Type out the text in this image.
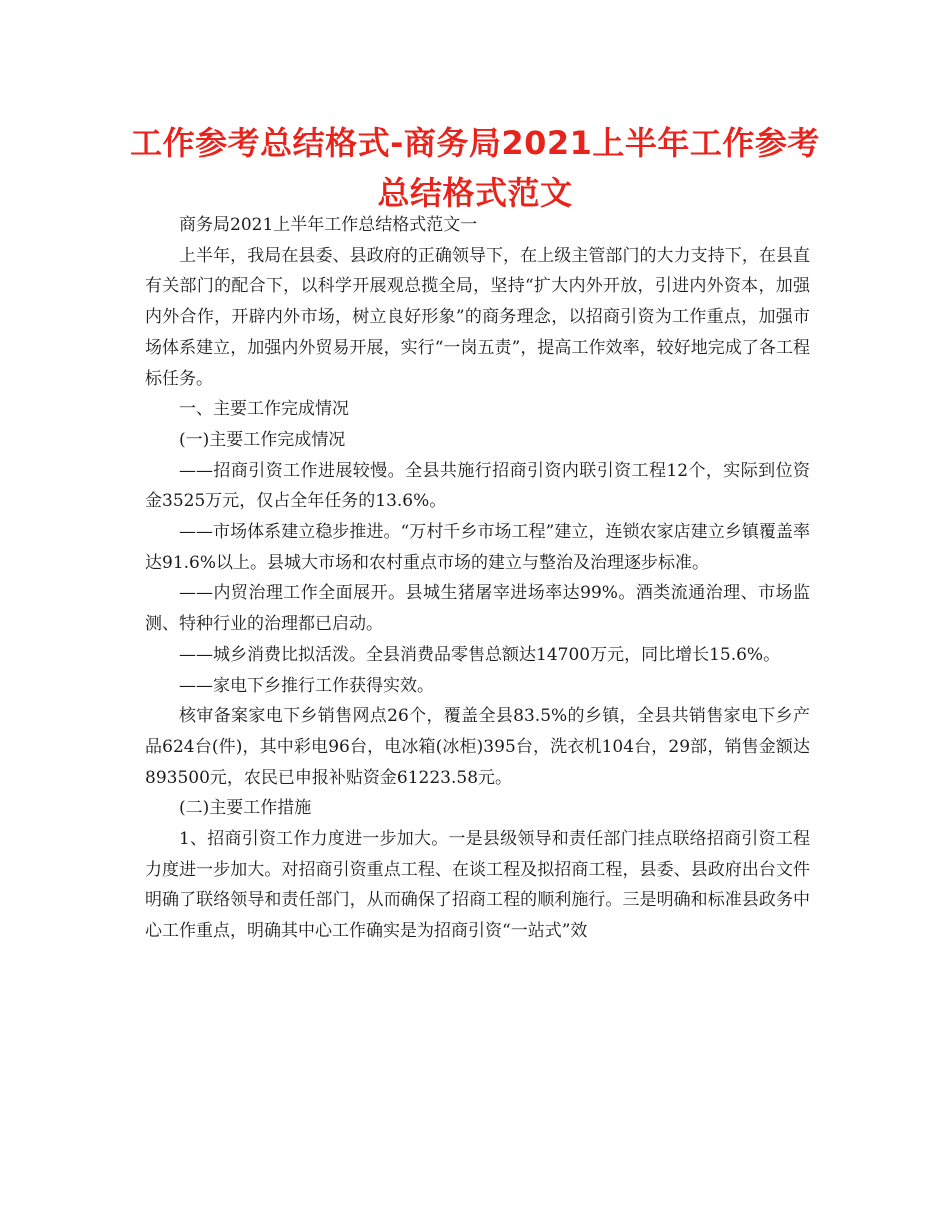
工作参考总结格式-商务局2021上半年工作参考总结格式范文

商务局2021上半年工作总结格式范文一

上半年，我局在县委、县政府的正确领导下，在上级主管部门的大力支持下，在县直有关部门的配合下，以科学开展观总揽全局，坚持“扩大内外开放，引进内外资本，加强内外合作，开辟内外市场，树立良好形象”的商务理念，以招商引资为工作重点，加强市场体系建立，加强内外贸易开展，实行“一岗五责”，提高工作效率，较好地完成了各工程标任务。

一、主要工作完成情况

(一)主要工作完成情况

——招商引资工作进展较慢。全县共施行招商引资内联引资工程12个，实际到位资金3525万元，仅占全年任务的13.6%。

——市场体系建立稳步推进。“万村千乡市场工程”建立，连锁农家店建立乡镇覆盖率达91.6%以上。县城大市场和农村重点市场的建立与整治及治理逐步标准。

——内贸治理工作全面展开。县城生猪屠宰进场率达99%。酒类流通治理、市场监测、特种行业的治理都已启动。

——城乡消费比拟活泼。全县消费品零售总额达14700万元，同比增长15.6%。

——家电下乡推行工作获得实效。

核审备案家电下乡销售网点26个，覆盖全县83.5%的乡镇，全县共销售家电下乡产品624台(件)，其中彩电96台，电冰箱(冰柜)395台，洗衣机104台，29部，销售金额达893500元，农民已申报补贴资金61223.58元。

(二)主要工作措施

1、招商引资工作力度进一步加大。一是县级领导和责任部门挂点联络招商引资工程力度进一步加大。对招商引资重点工程、在谈工程及拟招商工程，县委、县政府出台文件明确了联络领导和责任部门，从而确保了招商工程的顺利施行。三是明确和标准县政务中心工作重点，明确其中心工作确实是为招商引资“一站式”效
